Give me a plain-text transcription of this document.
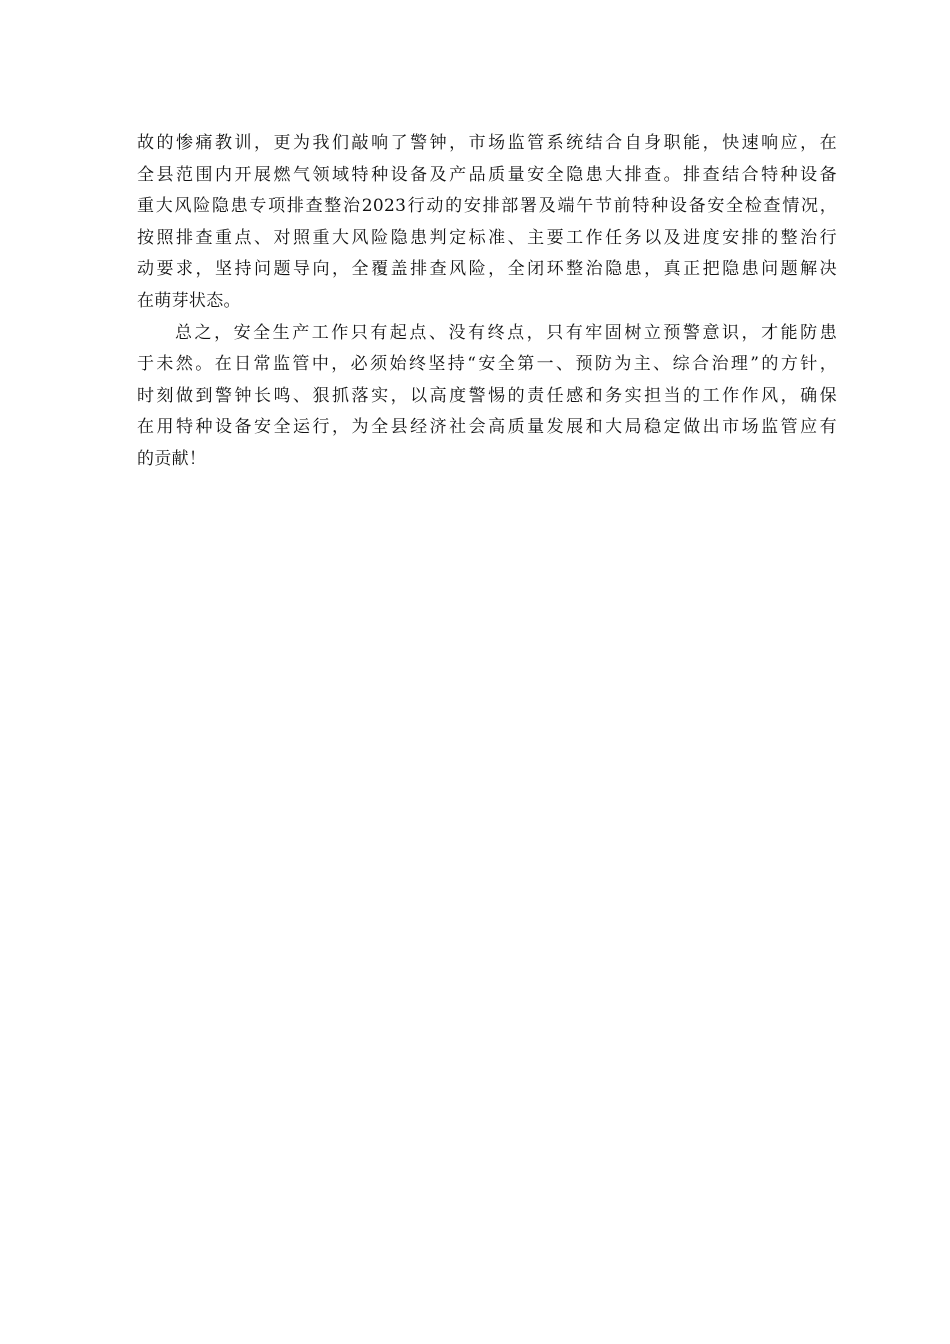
故的惨痛教训，更为我们敲响了警钟，市场监管系统结合自身职能，快速响应，在
全县范围内开展燃气领域特种设备及产品质量安全隐患大排查。排查结合特种设备
重大风险隐患专项排查整治2023行动的安排部署及端午节前特种设备安全检查情况，
按照排查重点、对照重大风险隐患判定标准、主要工作任务以及进度安排的整治行
动要求，坚持问题导向，全覆盖排查风险，全闭环整治隐患，真正把隐患问题解决
在萌芽状态。
总之，安全生产工作只有起点、没有终点，只有牢固树立预警意识，才能防患
于未然。在日常监管中，必须始终坚持“安全第一、预防为主、综合治理”的方针，
时刻做到警钟长鸣、狠抓落实，以高度警惕的责任感和务实担当的工作作风，确保
在用特种设备安全运行，为全县经济社会高质量发展和大局稳定做出市场监管应有
的贡献！
